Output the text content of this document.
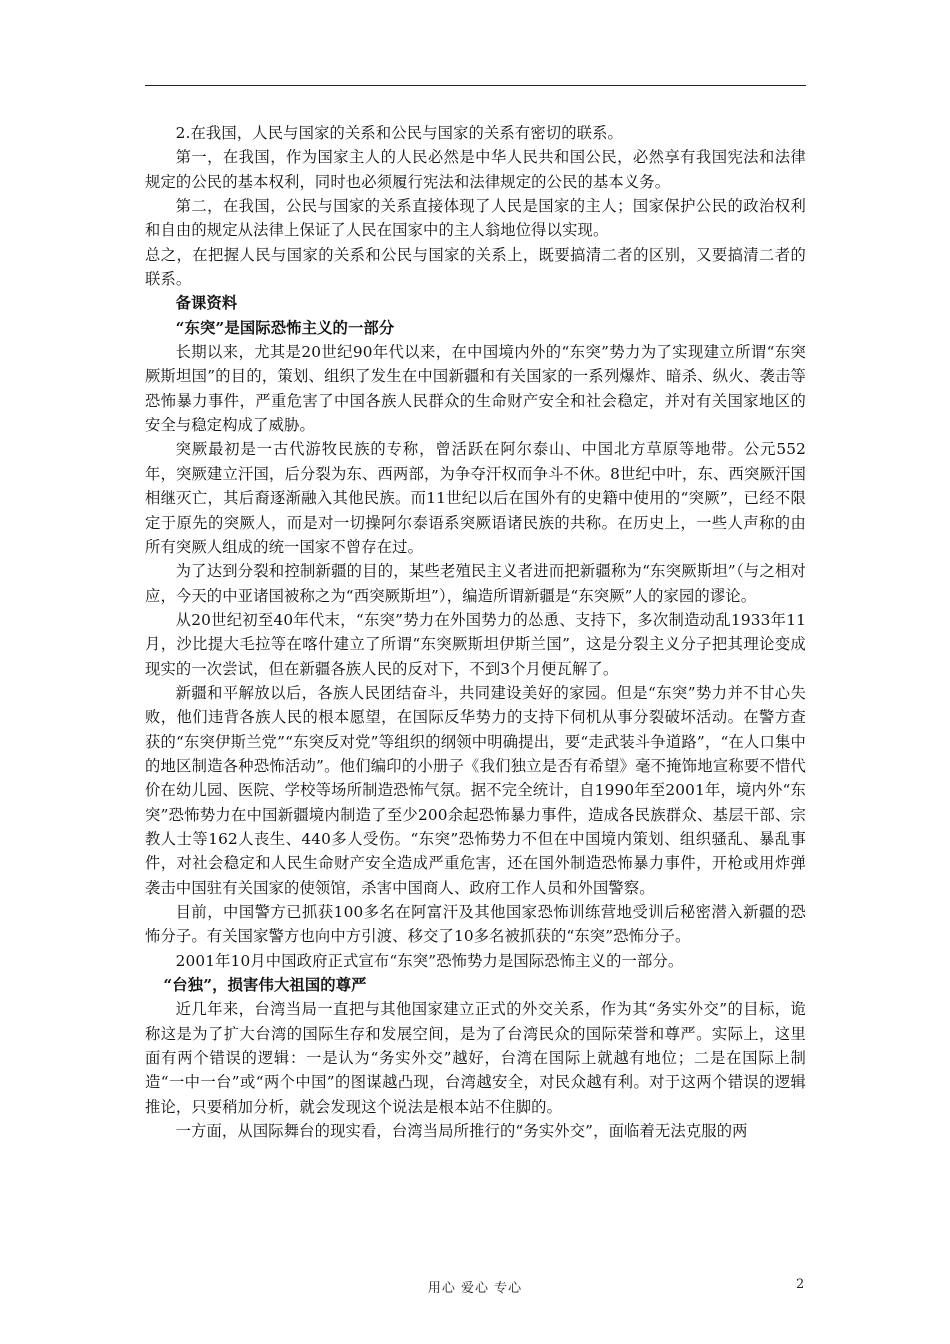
2.在我国，人民与国家的关系和公民与国家的关系有密切的联系。

第一，在我国，作为国家主人的人民必然是中华人民共和国公民，必然享有我国宪法和法律规定的公民的基本权利，同时也必须履行宪法和法律规定的公民的基本义务。

第二，在我国，公民与国家的关系直接体现了人民是国家的主人；国家保护公民的政治权利和自由的规定从法律上保证了人民在国家中的主人翁地位得以实现。

总之，在把握人民与国家的关系和公民与国家的关系上，既要搞清二者的区别，又要搞清二者的联系。

备课资料

“东突”是国际恐怖主义的一部分

长期以来，尤其是20世纪90年代以来，在中国境内外的“东突”势力为了实现建立所谓“东突厥斯坦国”的目的，策划、组织了发生在中国新疆和有关国家的一系列爆炸、暗杀、纵火、袭击等恐怖暴力事件，严重危害了中国各族人民群众的生命财产安全和社会稳定，并对有关国家地区的安全与稳定构成了威胁。

突厥最初是一古代游牧民族的专称，曾活跃在阿尔泰山、中国北方草原等地带。公元552年，突厥建立汗国，后分裂为东、西两部，为争夺汗权而争斗不休。8世纪中叶，东、西突厥汗国相继灭亡，其后裔逐渐融入其他民族。而11世纪以后在国外有的史籍中使用的“突厥”，已经不限定于原先的突厥人，而是对一切操阿尔泰语系突厥语诸民族的共称。在历史上，一些人声称的由所有突厥人组成的统一国家不曾存在过。

为了达到分裂和控制新疆的目的，某些老殖民主义者进而把新疆称为“东突厥斯坦”（与之相对应，今天的中亚诸国被称之为“西突厥斯坦”），编造所谓新疆是“东突厥”人的家园的谬论。

从20世纪初至40年代末，“东突”势力在外国势力的怂恿、支持下，多次制造动乱1933年11月，沙比提大毛拉等在喀什建立了所谓“东突厥斯坦伊斯兰国”，这是分裂主义分子把其理论变成现实的一次尝试，但在新疆各族人民的反对下，不到3个月便瓦解了。

新疆和平解放以后，各族人民团结奋斗，共同建设美好的家园。但是“东突”势力并不甘心失败，他们违背各族人民的根本愿望，在国际反华势力的支持下伺机从事分裂破坏活动。在警方查获的“东突伊斯兰党”“东突反对党”等组织的纲领中明确提出，要“走武装斗争道路”，“在人口集中的地区制造各种恐怖活动”。他们编印的小册子《我们独立是否有希望》毫不掩饰地宣称要不惜代价在幼儿园、医院、学校等场所制造恐怖气氛。据不完全统计，自1990年至2001年，境内外“东突”恐怖势力在中国新疆境内制造了至少200余起恐怖暴力事件，造成各民族群众、基层干部、宗教人士等162人丧生、440多人受伤。“东突”恐怖势力不但在中国境内策划、组织骚乱、暴乱事件，对社会稳定和人民生命财产安全造成严重危害，还在国外制造恐怖暴力事件，开枪或用炸弹袭击中国驻有关国家的使领馆，杀害中国商人、政府工作人员和外国警察。

目前，中国警方已抓获100多名在阿富汗及其他国家恐怖训练营地受训后秘密潜入新疆的恐怖分子。有关国家警方也向中方引渡、移交了10多名被抓获的“东突”恐怖分子。

2001年10月中国政府正式宣布“东突”恐怖势力是国际恐怖主义的一部分。

“台独”，损害伟大祖国的尊严

近几年来，台湾当局一直把与其他国家建立正式的外交关系，作为其“务实外交”的目标，诡称这是为了扩大台湾的国际生存和发展空间，是为了台湾民众的国际荣誉和尊严。实际上，这里面有两个错误的逻辑：一是认为“务实外交”越好，台湾在国际上就越有地位；二是在国际上制造“一中一台”或“两个中国”的图谋越凸现，台湾越安全，对民众越有利。对于这两个错误的逻辑推论，只要稍加分析，就会发现这个说法是根本站不住脚的。

一方面，从国际舞台的现实看，台湾当局所推行的“务实外交”，面临着无法克服的两

用心 爱心 专心	2
